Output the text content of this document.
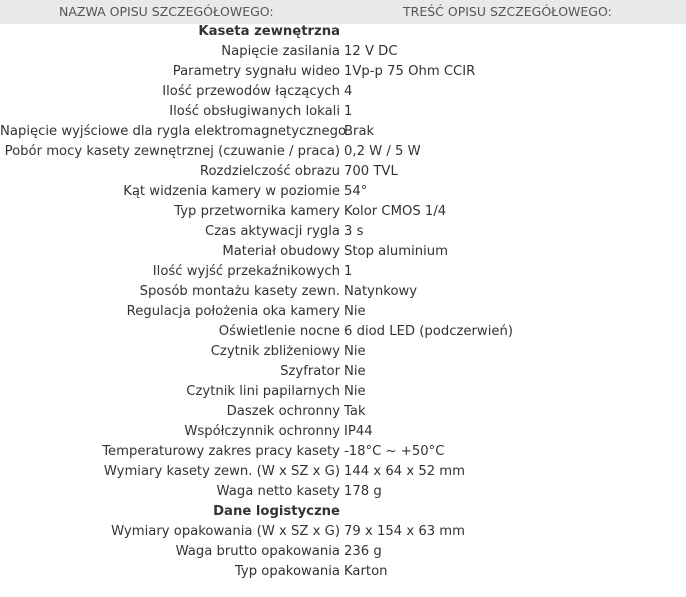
NAZWA OPISU SZCZEGÓŁOWEGO:	TREŚĆ OPISU SZCZEGÓŁOWEGO:
Kaseta zewnętrzna
Napięcie zasilania 12 V DC
Parametry sygnału wideo 1Vp-p 75 Ohm CCIR
Ilość przewodów łączących 4
Ilość obsługiwanych lokali 1
Napięcie wyjściowe dla rygla elektromagnetycznego
Brak
Pobór mocy kasety zewnętrznej (czuwanie / praca) 0,2 W / 5 W
Rozdzielczość obrazu 700 TVL
Kąt widzenia kamery w poziomie 54°
Typ przetwornika kamery Kolor CMOS 1/4
Czas aktywacji rygla 3 s
Materiał obudowy Stop aluminium
Ilość wyjść przekaźnikowych 1
Sposób montażu kasety zewn. Natynkowy
Regulacja położenia oka kamery Nie
Oświetlenie nocne 6 diod LED (podczerwień)
Czytnik zbliżeniowy Nie
Szyfrator Nie
Czytnik lini papilarnych Nie
Daszek ochronny Tak
Współczynnik ochronny IP44
Temperaturowy zakres pracy kasety -18°C ~ +50°C
Wymiary kasety zewn. (W x SZ x G) 144 x 64 x 52 mm
Waga netto kasety 178 g
Dane logistyczne
Wymiary opakowania (W x SZ x G) 79 x 154 x 63 mm
Waga brutto opakowania 236 g
Typ opakowania Karton
